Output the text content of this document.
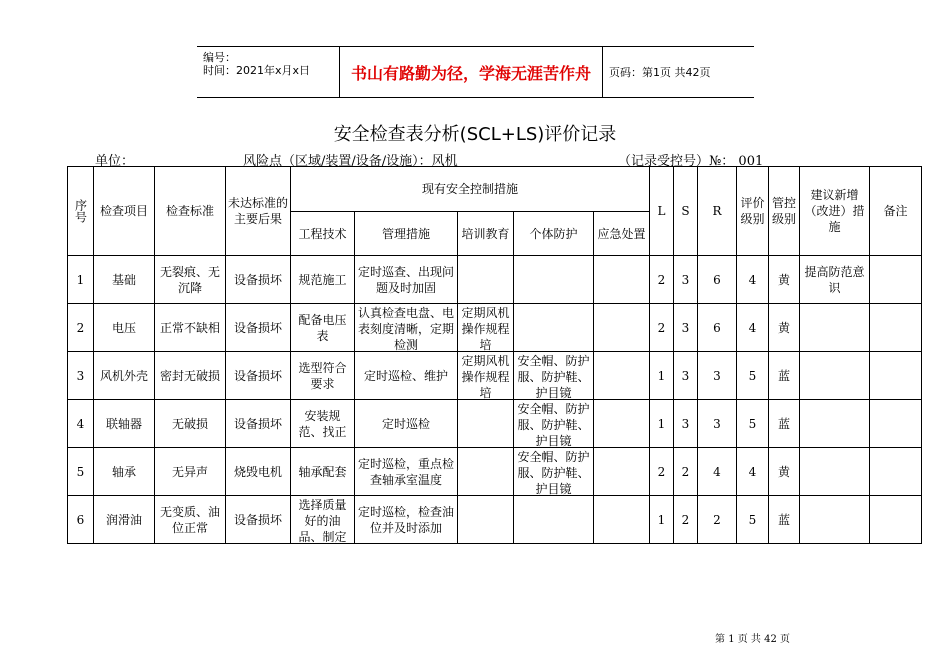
编号：
时间：2021年x月x日	书山有路勤为径，学海无涯苦作舟	页码：第1页 共42页
安全检查表分析(SCL+LS)评价记录
单位：	风险点（区域/装置/设备/设施）：风机	（记录受控号）№： 001
序号	检查项目	检查标准	未达标准的主要后果	现有安全控制措施					L	S	R	评价级别	管控级别	建议新增（改进）措施	备注
				工程技术	管理措施	培训教育	个体防护	应急处置							

1	基础	无裂痕、无沉降	设备损坏	规范施工	定时巡查、出现问题及时加固				2	3	6	4	黄	提高防范意识	

2	电压	正常不缺相	设备损坏	配备电压表	认真检查电盘、电表刻度清晰，定期检测	定期风机操作规程培			2	3	6	4	黄		

3	风机外壳	密封无破损	设备损坏	选型符合要求	定时巡检、维护	定期风机操作规程培	安全帽、防护服、防护鞋、护目镜		1	3	3	5	蓝		

4	联轴器	无破损	设备损坏	安装规范、找正	定时巡检		安全帽、防护服、防护鞋、护目镜		1	3	3	5	蓝		

5	轴承	无异声	烧毁电机	轴承配套	定时巡检，重点检查轴承室温度		安全帽、防护服、防护鞋、护目镜		2	2	4	4	黄		

6	润滑油	无变质、油位正常	设备损坏	选择质量好的油品、制定	定时巡检，检查油位并及时添加				1	2	2	5	蓝		

第 1 页 共 42 页
